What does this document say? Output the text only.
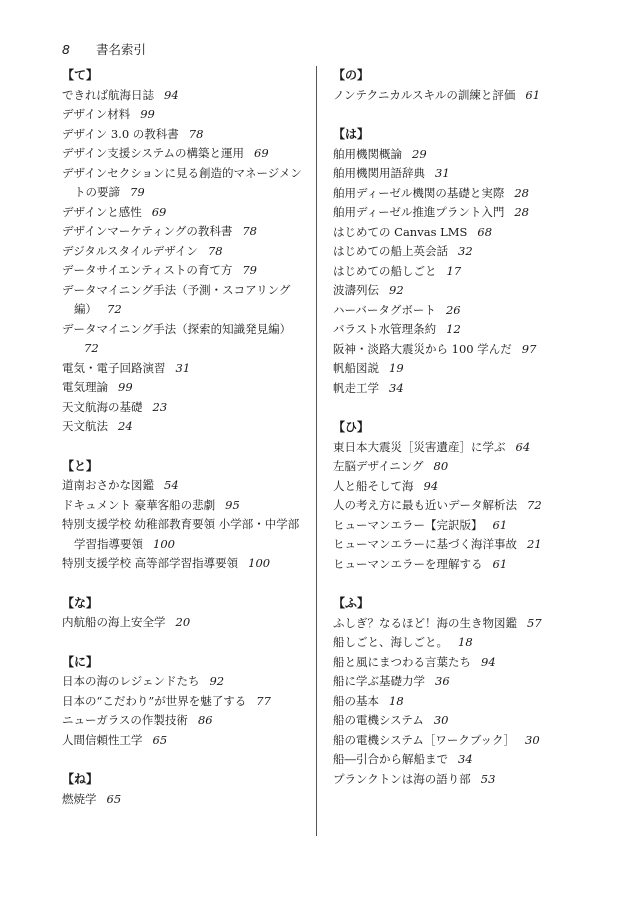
8 書名索引
【て】
できれば航海日誌 94
デザイン材料 99
デザイン 3.0 の教科書 78
デザイン支援システムの構築と運用 69
デザインセクションに見る創造的マネージメントの要諦 79
デザインと感性 69
デザインマーケティングの教科書 78
デジタルスタイルデザイン 78
データサイエンティストの育て方 79
データマイニング手法（予測・スコアリング編） 72
データマイニング手法（探索的知識発見編）72
電気・電子回路演習 31
電気理論 99
天文航海の基礎 23
天文航法 24
【と】
道南おさかな図鑑 54
ドキュメント 豪華客船の悲劇 95
特別支援学校 幼稚部教育要領 小学部・中学部学習指導要領 100
特別支援学校 高等部学習指導要領 100
【な】
内航船の海上安全学 20
【に】
日本の海のレジェンドたち 92
日本の“こだわり”が世界を魅了する 77
ニューガラスの作製技術 86
人間信頼性工学 65
【ね】
燃焼学 65
【の】
ノンテクニカルスキルの訓練と評価 61
【は】
舶用機関概論 29
舶用機関用語辞典 31
舶用ディーゼル機関の基礎と実際 28
舶用ディーゼル推進プラント入門 28
はじめての Canvas LMS 68
はじめての船上英会話 32
はじめての船しごと 17
波濤列伝 92
ハーバータグボート 26
バラスト水管理条約 12
阪神・淡路大震災から 100 学んだ 97
帆船図説 19
帆走工学 34
【ひ】
東日本大震災［災害遺産］に学ぶ 64
左脳デザイニング 80
人と船そして海 94
人の考え方に最も近いデータ解析法 72
ヒューマンエラー【完訳版】 61
ヒューマンエラーに基づく海洋事故 21
ヒューマンエラーを理解する 61
【ふ】
ふしぎ？なるほど！海の生き物図鑑 57
船しごと、海しごと。 18
船と風にまつわる言葉たち 94
船に学ぶ基礎力学 36
船の基本 18
船の電機システム 30
船の電機システム［ワークブック］ 30
船―引合から解船まで 34
プランクトンは海の語り部 53
